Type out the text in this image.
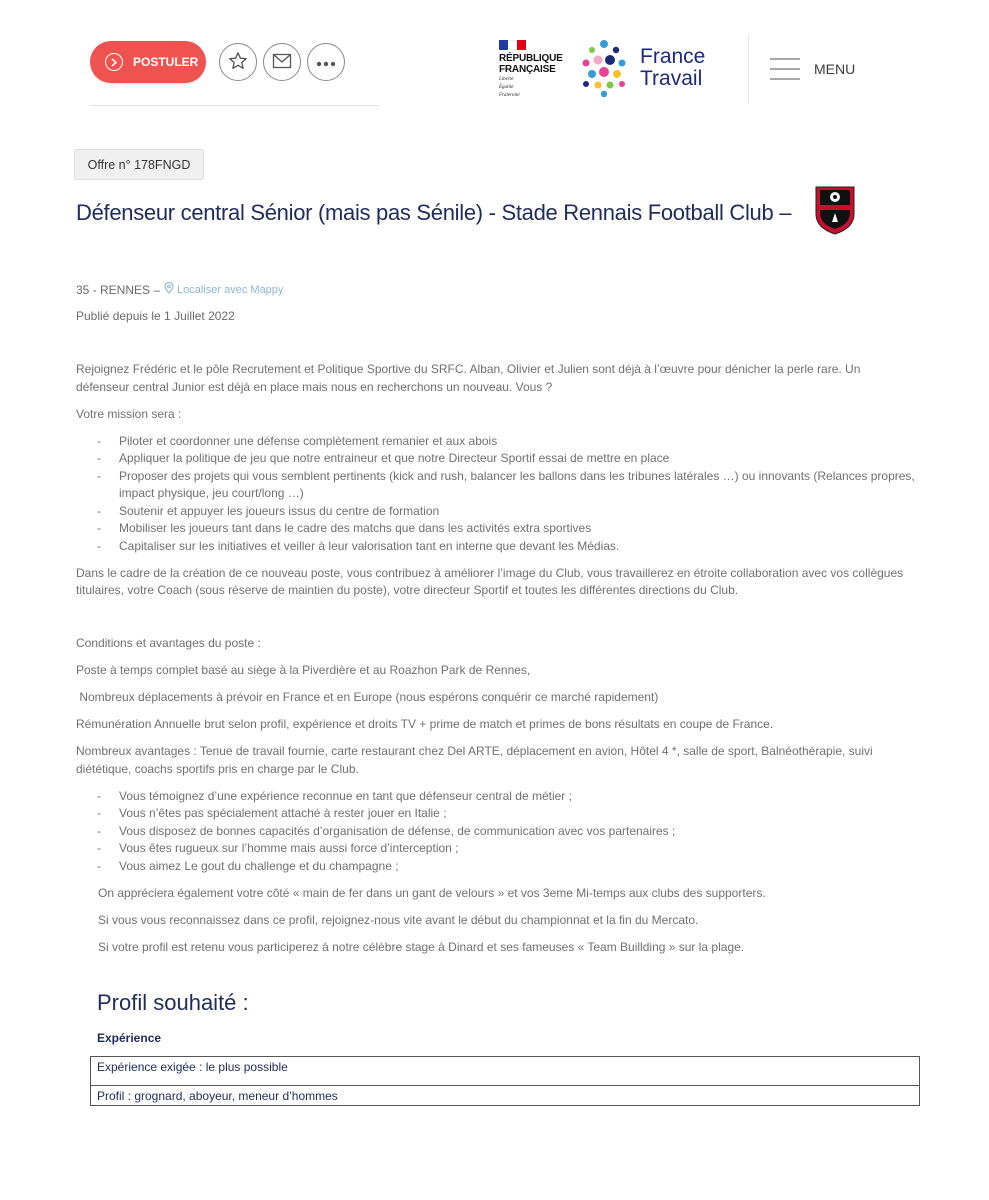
POSTULER	RÉPUBLIQUE
FRANÇAISE
Liberté
Égalité
Fraternité
France
Travail	MENU
Offre n° 178FNGD
Défenseur central Sénior (mais pas Sénile) - Stade Rennais Football Club –
35 - RENNES – Localiser avec Mappy
Publié depuis le 1 Juillet 2022

Rejoignez Frédéric et le pôle Recrutement et Politique Sportive du SRFC. Alban, Olivier et Julien sont déjà à l’œuvre pour dénicher la perle rare. Un défenseur central Junior est déjà en place mais nous en recherchons un nouveau. Vous ?

Votre mission sera :

- Piloter et coordonner une défense complètement remanier et aux abois
- Appliquer la politique de jeu que notre entraineur et que notre Directeur Sportif essai de mettre en place
- Proposer des projets qui vous semblent pertinents (kick and rush, balancer les ballons dans les tribunes latérales …) ou innovants (Relances propres, impact physique, jeu court/long …)
- Soutenir et appuyer les joueurs issus du centre de formation
- Mobiliser les joueurs tant dans le cadre des matchs que dans les activités extra sportives
- Capitaliser sur les initiatives et veiller à leur valorisation tant en interne que devant les Médias.

Dans le cadre de la création de ce nouveau poste, vous contribuez à améliorer l’image du Club, vous travaillerez en étroite collaboration avec vos collègues titulaires, votre Coach (sous réserve de maintien du poste), votre directeur Sportif et toutes les différentes directions du Club.

Conditions et avantages du poste :

Poste à temps complet basé au siège à la Piverdière et au Roazhon Park de Rennes,

Nombreux déplacements à prévoir en France et en Europe (nous espérons conquérir ce marché rapidement)

Rémunération Annuelle brut selon profil, expérience et droits TV + prime de match et primes de bons résultats en coupe de France.

Nombreux avantages : Tenue de travail fournie, carte restaurant chez Del ARTE, déplacement en avion, Hôtel 4 *, salle de sport, Balnéothérapie, suivi diététique, coachs sportifs pris en charge par le Club.

- Vous témoignez d’une expérience reconnue en tant que défenseur central de métier ;
- Vous n’êtes pas spécialement attaché à rester jouer en Italie ;
- Vous disposez de bonnes capacités d’organisation de défense, de communication avec vos partenaires ;
- Vous êtes rugueux sur l’homme mais aussi force d’interception ;
- Vous aimez Le gout du challenge et du champagne ;

On appréciera également votre côté « main de fer dans un gant de velours » et vos 3eme Mi-temps aux clubs des supporters.

Si vous vous reconnaissez dans ce profil, rejoignez-nous vite avant le début du championnat et la fin du Mercato.

Si votre profil est retenu vous participerez à notre célèbre stage à Dinard et ses fameuses « Team Buillding » sur la plage.

Profil souhaité :
Expérience
Expérience exigée : le plus possible
Profil : grognard, aboyeur, meneur d’hommes
